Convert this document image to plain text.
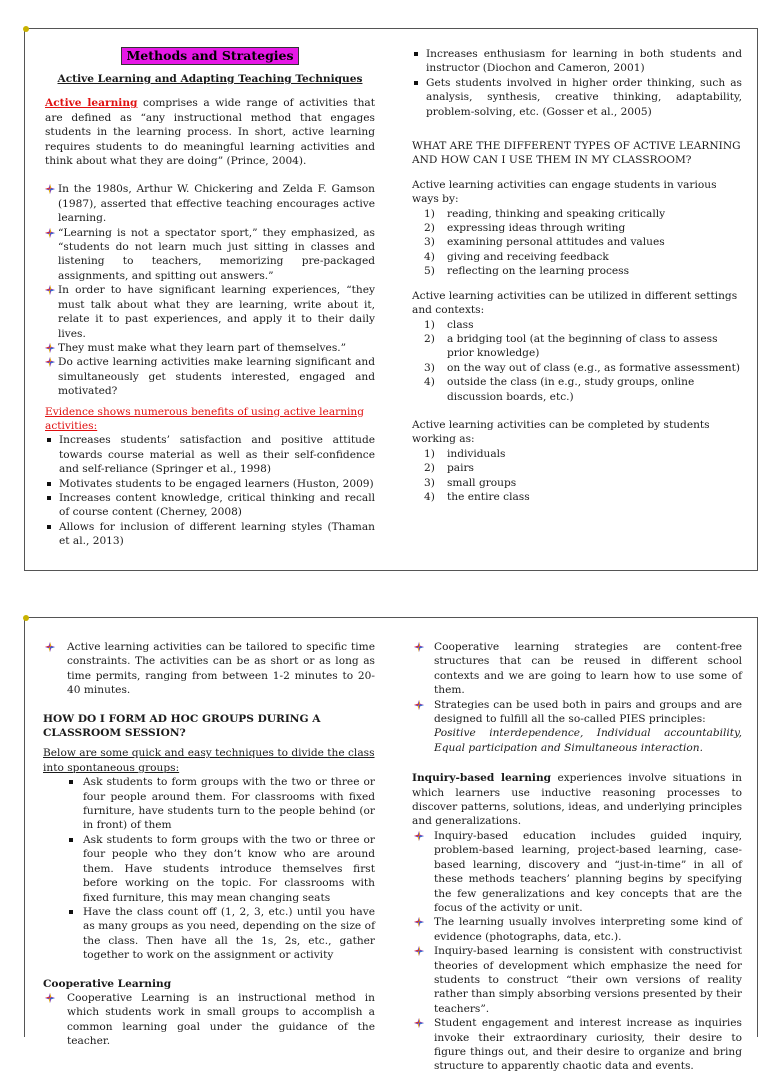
Methods and Strategies
Active Learning and Adapting Teaching Techniques

Active learning comprises a wide range of activities that are defined as “any instructional method that engages students in the learning process. In short, active learning requires students to do meaningful learning activities and think about what they are doing” (Prince, 2004).

In the 1980s, Arthur W. Chickering and Zelda F. Gamson (1987), asserted that effective teaching encourages active learning.
“Learning is not a spectator sport,” they emphasized, as “students do not learn much just sitting in classes and listening to teachers, memorizing pre-packaged assignments, and spitting out answers.”
In order to have significant learning experiences, “they must talk about what they are learning, write about it, relate it to past experiences, and apply it to their daily lives.
They must make what they learn part of themselves.”
Do active learning activities make learning significant and simultaneously get students interested, engaged and motivated?
Evidence shows numerous benefits of using active learning activities:
Increases students’ satisfaction and positive attitude towards course material as well as their self-confidence and self-reliance (Springer et al., 1998)
Motivates students to be engaged learners (Huston, 2009)
Increases content knowledge, critical thinking and recall of course content (Cherney, 2008)
Allows for inclusion of different learning styles (Thaman et al., 2013)
Increases enthusiasm for learning in both students and instructor (Diochon and Cameron, 2001)
Gets students involved in higher order thinking, such as analysis, synthesis, creative thinking, adaptability, problem-solving, etc. (Gosser et al., 2005)
WHAT ARE THE DIFFERENT TYPES OF ACTIVE LEARNING AND HOW CAN I USE THEM IN MY CLASSROOM?
Active learning activities can engage students in various ways by:
1) reading, thinking and speaking critically
2) expressing ideas through writing
3) examining personal attitudes and values
4) giving and receiving feedback
5) reflecting on the learning process
Active learning activities can be utilized in different settings and contexts:
1) class
2) a bridging tool (at the beginning of class to assess prior knowledge)
3) on the way out of class (e.g., as formative assessment)
4) outside the class (in e.g., study groups, online discussion boards, etc.)
Active learning activities can be completed by students working as:
1) individuals
2) pairs
3) small groups
4) the entire class
Active learning activities can be tailored to specific time constraints. The activities can be as short or as long as time permits, ranging from between 1-2 minutes to 20-40 minutes.
HOW DO I FORM AD HOC GROUPS DURING A CLASSROOM SESSION?
Below are some quick and easy techniques to divide the class into spontaneous groups:
Ask students to form groups with the two or three or four people around them. For classrooms with fixed furniture, have students turn to the people behind (or in front) of them
Ask students to form groups with the two or three or four people who they don’t know who are around them. Have students introduce themselves first before working on the topic. For classrooms with fixed furniture, this may mean changing seats
Have the class count off (1, 2, 3, etc.) until you have as many groups as you need, depending on the size of the class. Then have all the 1s, 2s, etc., gather together to work on the assignment or activity
Cooperative Learning
Cooperative Learning is an instructional method in which students work in small groups to accomplish a common learning goal under the guidance of the teacher.
Cooperative learning strategies are content-free structures that can be reused in different school contexts and we are going to learn how to use some of them.
Strategies can be used both in pairs and groups and are designed to fulfill all the so-called PIES principles:

Positive interdependence, Individual accountability, Equal participation and Simultaneous interaction.

Inquiry-based learning experiences involve situations in which learners use inductive reasoning processes to discover patterns, solutions, ideas, and underlying principles and generalizations.

Inquiry-based education includes guided inquiry, problem-based learning, project-based learning, case-based learning, discovery and “just-in-time” in all of these methods teachers’ planning begins by specifying the few generalizations and key concepts that are the focus of the activity or unit.
The learning usually involves interpreting some kind of evidence (photographs, data, etc.).
Inquiry-based learning is consistent with constructivist theories of development which emphasize the need for students to construct “their own versions of reality rather than simply absorbing versions presented by their teachers”.
Student engagement and interest increase as inquiries invoke their extraordinary curiosity, their desire to figure things out, and their desire to organize and bring structure to apparently chaotic data and events.
